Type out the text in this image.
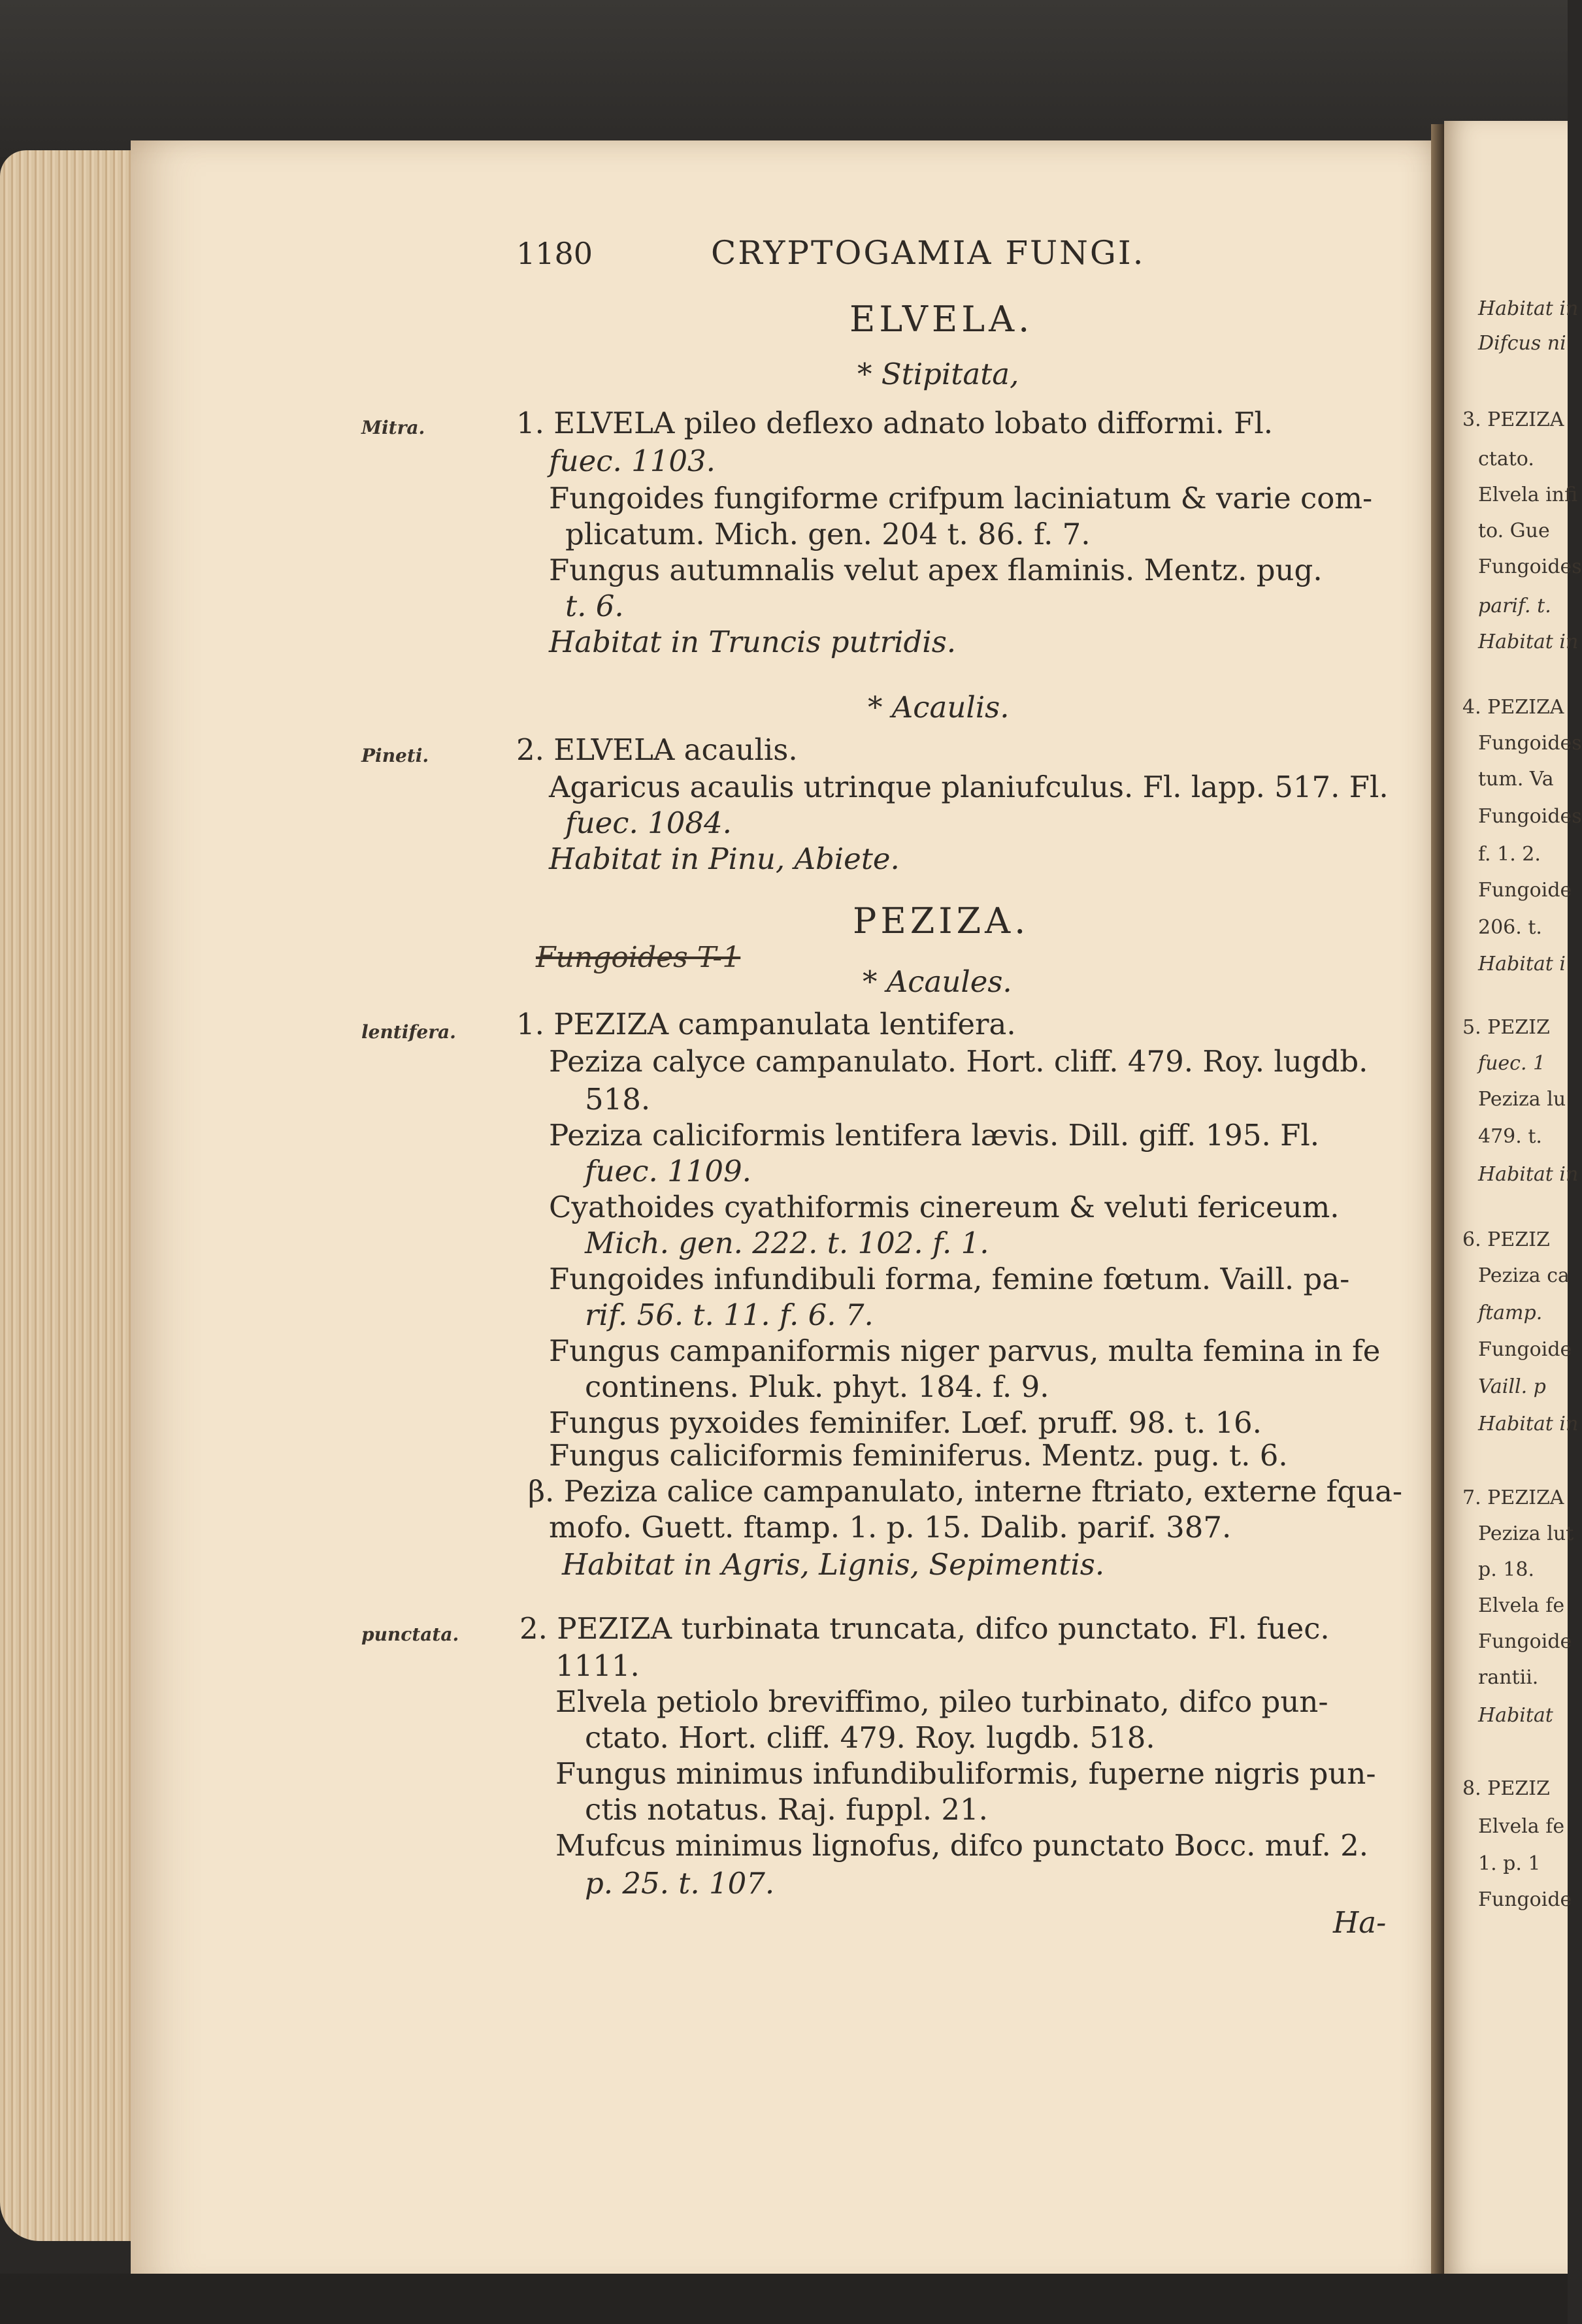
1180	CRYPTOGAMIA FUNGI.
ELVELA.
* Stipitata,
Mitra.	1. ELVELA pileo deflexo adnato lobato difformi. Fl.
fuec. 1103.
Fungoides fungiforme crifpum laciniatum & varie com-
plicatum. Mich. gen. 204 t. 86. f. 7.
Fungus autumnalis velut apex flaminis. Mentz. pug.
t. 6.
Habitat in Truncis putridis.
* Acaulis.
Pineti.	2. ELVELA acaulis.
Agaricus acaulis utrinque planiufculus. Fl. lapp. 517. Fl.
fuec. 1084.
Habitat in Pinu, Abiete.
PEZIZA.
Fungoides T-1
* Acaules.
lentifera. 1. PEZIZA campanulata lentifera.
Peziza calyce campanulato. Hort. cliff. 479. Roy. lugdb.
518.
Peziza caliciformis lentifera lævis. Dill. giff. 195. Fl.
fuec. 1109.
Cyathoides cyathiformis cinereum & veluti fericeum.
Mich. gen. 222. t. 102. f. 1.
Fungoides infundibuli forma, femine fœtum. Vaill. pa-
rif. 56. t. 11. f. 6. 7.
Fungus campaniformis niger parvus, multa femina in fe
continens. Pluk. phyt. 184. f. 9.
Fungus pyxoides feminifer. Lœf. pruff. 98. t. 16.
Fungus caliciformis feminiferus. Mentz. pug. t. 6.
β. Peziza calice campanulato, interne ftriato, externe fqua-
mofo. Guett. ftamp. 1. p. 15. Dalib. parif. 387.
Habitat in Agris, Lignis, Sepimentis.
punctata. 2. PEZIZA turbinata truncata, difco punctato. Fl. fuec.
1111.
Elvela petiolo breviffimo, pileo turbinato, difco pun-
ctato. Hort. cliff. 479. Roy. lugdb. 518.
Fungus minimus infundibuliformis, fuperne nigris pun-
ctis notatus. Raj. fuppl. 21.
Mufcus minimus lignofus, difco punctato Bocc. muf. 2.
p. 25. t. 107.
Ha-
Habitat in
Difcus ni
3. PEZIZA
ctato.
Elvela infi
to. Gue
Fungoides
parif. t.
Habitat in
4. PEZIZA
Fungoides
tum. Va
Fungoides
f. 1. 2.
Fungoide
206. t.
Habitat i
5. PEZIZ
fuec. 1
Peziza lu
479. t.
Habitat in
6. PEZIZ
Peziza ca
ftamp.
Fungoide
Vaill. p
Habitat in
7. PEZIZA
Peziza lut
p. 18.
Elvela fe
Fungoide
rantii.
Habitat
8. PEZIZ
Elvela fe
1. p. 1
Fungoide
